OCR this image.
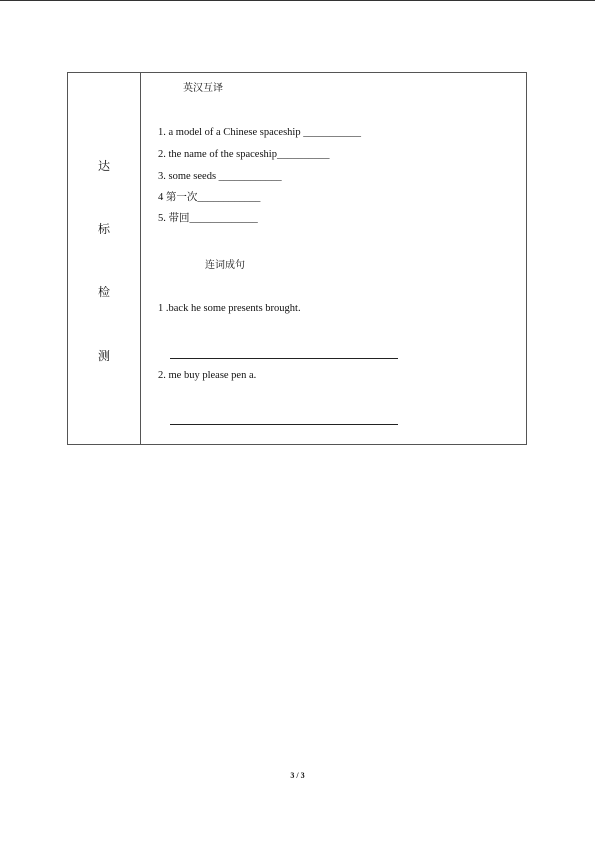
达
标
检
测
英汉互译
1. a model of a Chinese spaceship ___________
2. the name of the spaceship__________
3. some seeds ____________
4 第一次____________
5. 带回_____________
连词成句
1 .back he some presents brought.
2. me buy please pen a.
3 / 3
